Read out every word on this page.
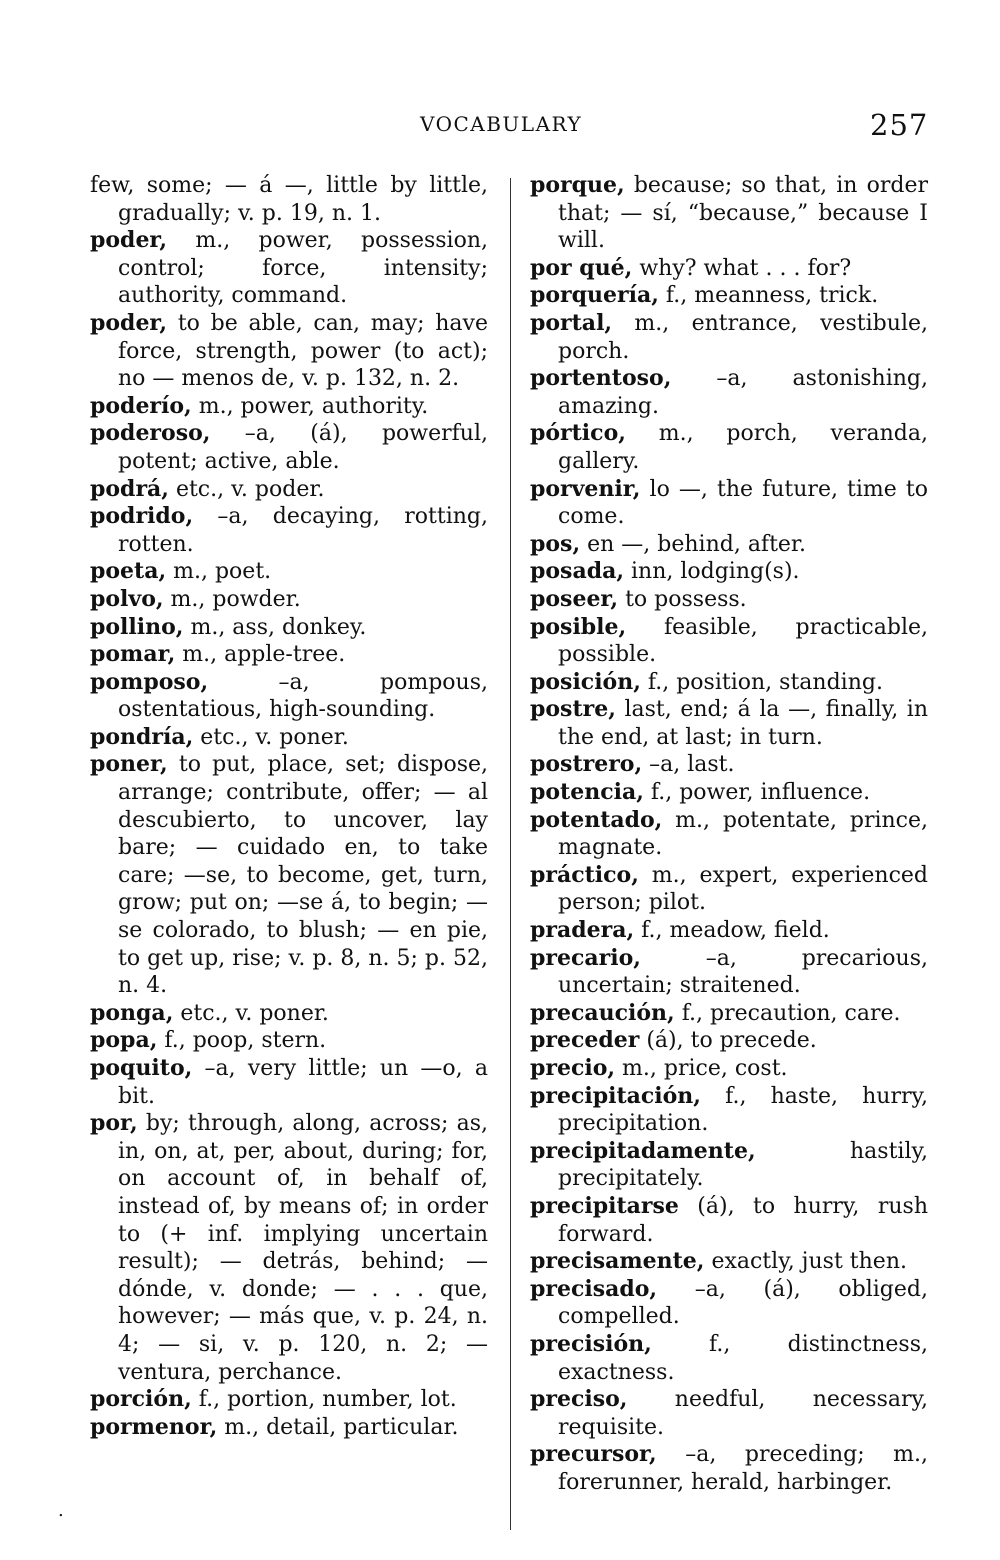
VOCABULARY	257
few, some; — á —, little by little, gradually; v. p. 19, n. 1.
poder, m., power, possession, control; force, intensity; authority, command.
poder, to be able, can, may; have force, strength, power (to act); no — menos de, v. p. 132, n. 2.
poderío, m., power, authority.
poderoso, –a, (á), powerful, potent; active, able.
podrá, etc., v. poder.
podrido, –a, decaying, rotting, rotten.
poeta, m., poet.
polvo, m., powder.
pollino, m., ass, donkey.
pomar, m., apple-tree.
pomposo, –a, pompous, ostentatious, high-sounding.
pondría, etc., v. poner.
poner, to put, place, set; dispose, arrange; contribute, offer; — al descubierto, to uncover, lay bare; — cuidado en, to take care; —se, to become, get, turn, grow; put on; —se á, to begin; —se colorado, to blush; — en pie, to get up, rise; v. p. 8, n. 5; p. 52, n. 4.
ponga, etc., v. poner.
popa, f., poop, stern.
poquito, –a, very little; un —o, a bit.
por, by; through, along, across; as, in, on, at, per, about, during; for, on account of, in behalf of, instead of, by means of; in order to (+ inf. implying uncertain result); — detrás, behind; — dónde, v. donde; — . . . que, however; — más que, v. p. 24, n. 4; — si, v. p. 120, n. 2; — ventura, perchance.
porción, f., portion, number, lot.
pormenor, m., detail, particular.
porque, because; so that, in order that; — sí, “because,” because I will.
por qué, why? what . . . for?
porquería, f., meanness, trick.
portal, m., entrance, vestibule, porch.
portentoso, –a, astonishing, amazing.
pórtico, m., porch, veranda, gallery.
porvenir, lo —, the future, time to come.
pos, en —, behind, after.
posada, inn, lodging(s).
poseer, to possess.
posible, feasible, practicable, possible.
posición, f., position, standing.
postre, last, end; á la —, finally, in the end, at last; in turn.
postrero, –a, last.
potencia, f., power, influence.
potentado, m., potentate, prince, magnate.
práctico, m., expert, experienced person; pilot.
pradera, f., meadow, field.
precario, –a, precarious, uncertain; straitened.
precaución, f., precaution, care.
preceder (á), to precede.
precio, m., price, cost.
precipitación, f., haste, hurry, precipitation.
precipitadamente, hastily, precipitately.
precipitarse (á), to hurry, rush forward.
precisamente, exactly, just then.
precisado, –a, (á), obliged, compelled.
precisión, f., distinctness, exactness.
preciso, needful, necessary, requisite.
precursor, –a, preceding; m., forerunner, herald, harbinger.
.
